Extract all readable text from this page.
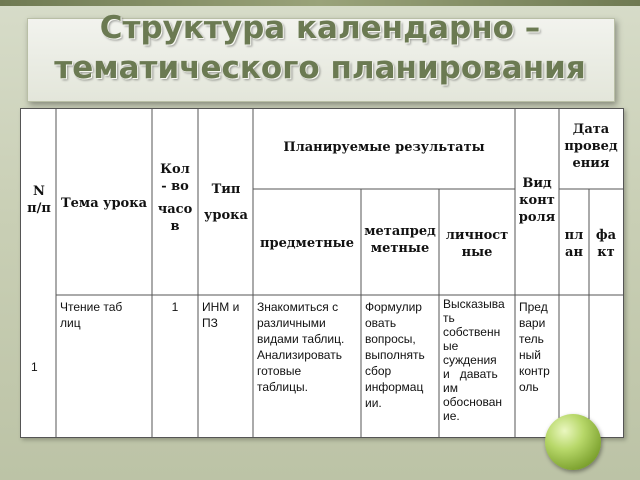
Структура календарно – тематического планирования
N
п/п Тема урока
Кол
- во
часо
в
Тип
урока
Планируемые результаты
предметные
метапред
метные
личност
ные
Вид
конт
роля
Дата
провед
ения
пл
ан
фа
кт
1
Чтение таб
лиц
1	ИНМ и
ПЗ
Знакомиться с
различными
видами таблиц.
Анализировать
готовые
таблицы.
Формулир
овать
вопросы,
выполнять
сбор
информац
ии.
Высказыва
ть
собственн
ые
суждения
и   давать
им
обоснован
ие.
Пред
вари
тель
ный
контр
оль
